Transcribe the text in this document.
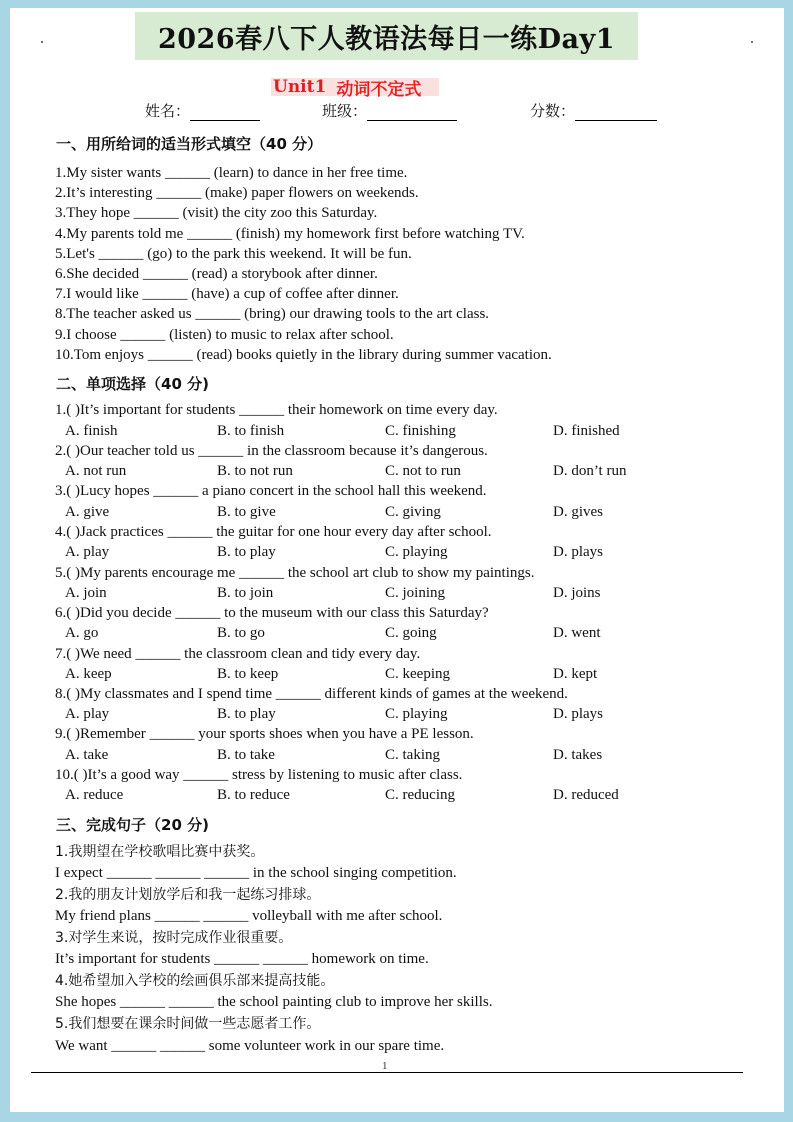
2026春八下人教语法每日一练Day1
Unit1 动词不定式
姓名：	班级：	分数：
一、用所给词的适当形式填空（40 分）
1.My sister wants ______ (learn) to dance in her free time.
2.It’s interesting ______ (make) paper flowers on weekends.
3.They hope ______ (visit) the city zoo this Saturday.
4.My parents told me ______ (finish) my homework first before watching TV.
5.Let's ______ (go) to the park this weekend. It will be fun.
6.She decided ______ (read) a storybook after dinner.
7.I would like ______ (have) a cup of coffee after dinner.
8.The teacher asked us ______ (bring) our drawing tools to the art class.
9.I choose ______ (listen) to music to relax after school.
10.Tom enjoys ______ (read) books quietly in the library during summer vacation.
二、单项选择（40 分)
1.( )It’s important for students ______ their homework on time every day.
A. finish	B. to finish	C. finishing	D. finished
2.( )Our teacher told us ______ in the classroom because it’s dangerous.
A. not run	B. to not run	C. not to run	D. don’t run
3.( )Lucy hopes ______ a piano concert in the school hall this weekend.
A. give	B. to give	C. giving	D. gives
4.( )Jack practices ______ the guitar for one hour every day after school.
A. play	B. to play	C. playing	D. plays
5.( )My parents encourage me ______ the school art club to show my paintings.
A. join	B. to join	C. joining	D. joins
6.( )Did you decide ______ to the museum with our class this Saturday?
A. go	B. to go	C. going	D. went
7.( )We need ______ the classroom clean and tidy every day.
A. keep	B. to keep	C. keeping	D. kept
8.( )My classmates and I spend time ______ different kinds of games at the weekend.
A. play	B. to play	C. playing	D. plays
9.( )Remember ______ your sports shoes when you have a PE lesson.
A. take	B. to take	C. taking	D. takes
10.( )It’s a good way ______ stress by listening to music after class.
A. reduce	B. to reduce	C. reducing	D. reduced
三、完成句子（20 分)
1.我期望在学校歌唱比赛中获奖。
I expect ______ ______ ______ in the school singing competition.
2.我的朋友计划放学后和我一起练习排球。
My friend plans ______ ______ volleyball with me after school.
3.对学生来说，按时完成作业很重要。
It’s important for students ______ ______ homework on time.
4.她希望加入学校的绘画俱乐部来提高技能。
She hopes ______ ______ the school painting club to improve her skills.
5.我们想要在课余时间做一些志愿者工作。
We want ______ ______ some volunteer work in our spare time.
1
